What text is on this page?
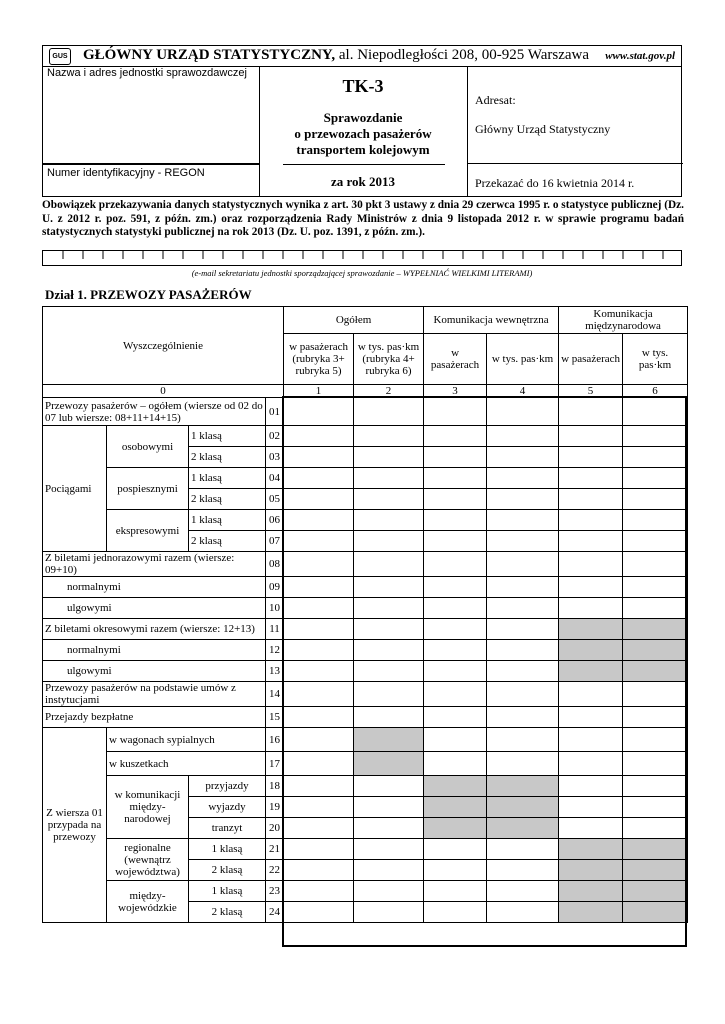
GUS GŁÓWNY URZĄD STATYSTYCZNY, al. Niepodległości 208, 00-925 Warszawa www.stat.gov.pl
Nazwa i adres jednostki sprawozdawczej
Numer identyfikacyjny - REGON
TK-3
Sprawozdanie
o przewozach pasażerów
transportem kolejowym
za rok 2013
Adresat:
Główny Urząd Statystyczny
Przekazać do 16 kwietnia 2014 r.
Obowiązek przekazywania danych statystycznych wynika z art. 30 pkt 3 ustawy z dnia 29 czerwca 1995 r. o statystyce publicznej (Dz. U. z 2012 r. poz. 591, z późn. zm.) oraz rozporządzenia Rady Ministrów z dnia 9 listopada 2012 r. w sprawie programu badań statystycznych statystyki publicznej na rok 2013 (Dz. U. poz. 1391, z późn. zm.).
(e-mail sekretariatu jednostki sporządzającej sprawozdanie – WYPEŁNIAĆ WIELKIMI LITERAMI)
Dział 1. PRZEWOZY PASAŻERÓW
Wyszczególnienie				Ogółem		Komunikacja wewnętrzna		Komunikacja międzynarodowa	
				w pasażerach (rubryka 3+ rubryka 5)	w tys. pas·km (rubryka 4+ rubryka 6)	w pasażerach	w tys. pas·km	w pasażerach	w tys. pas·km
0				1	2	3	4	5	6
Przewozy pasażerów – ogółem (wiersze od 02 do 07 lub wiersze: 08+11+14+15)			01						
Pociągami	osobowymi	1 klasą	02						
		2 klasą	03						
	pospiesznymi	1 klasą	04						
		2 klasą	05						
	ekspresowymi	1 klasą	06						
		2 klasą	07						
Z biletami jednorazowymi razem (wiersze: 09+10)			08						
normalnymi			09						
ulgowymi			10						
Z biletami okresowymi razem (wiersze: 12+13)			11						
normalnymi			12						
ulgowymi			13						
Przewozy pasażerów na podstawie umów z instytucjami			14						
Przejazdy bezpłatne			15						
Z wiersza 01 przypada na przewozy	w wagonach sypialnych		16						
	w kuszetkach		17						
	w komunikacji między-narodowej	przyjazdy	18						
		wyjazdy	19						
		tranzyt	20						
	regionalne (wewnątrz województwa)	1 klasą	21						
		2 klasą	22						
	między-wojewódzkie	1 klasą	23						
		2 klasą	24						
